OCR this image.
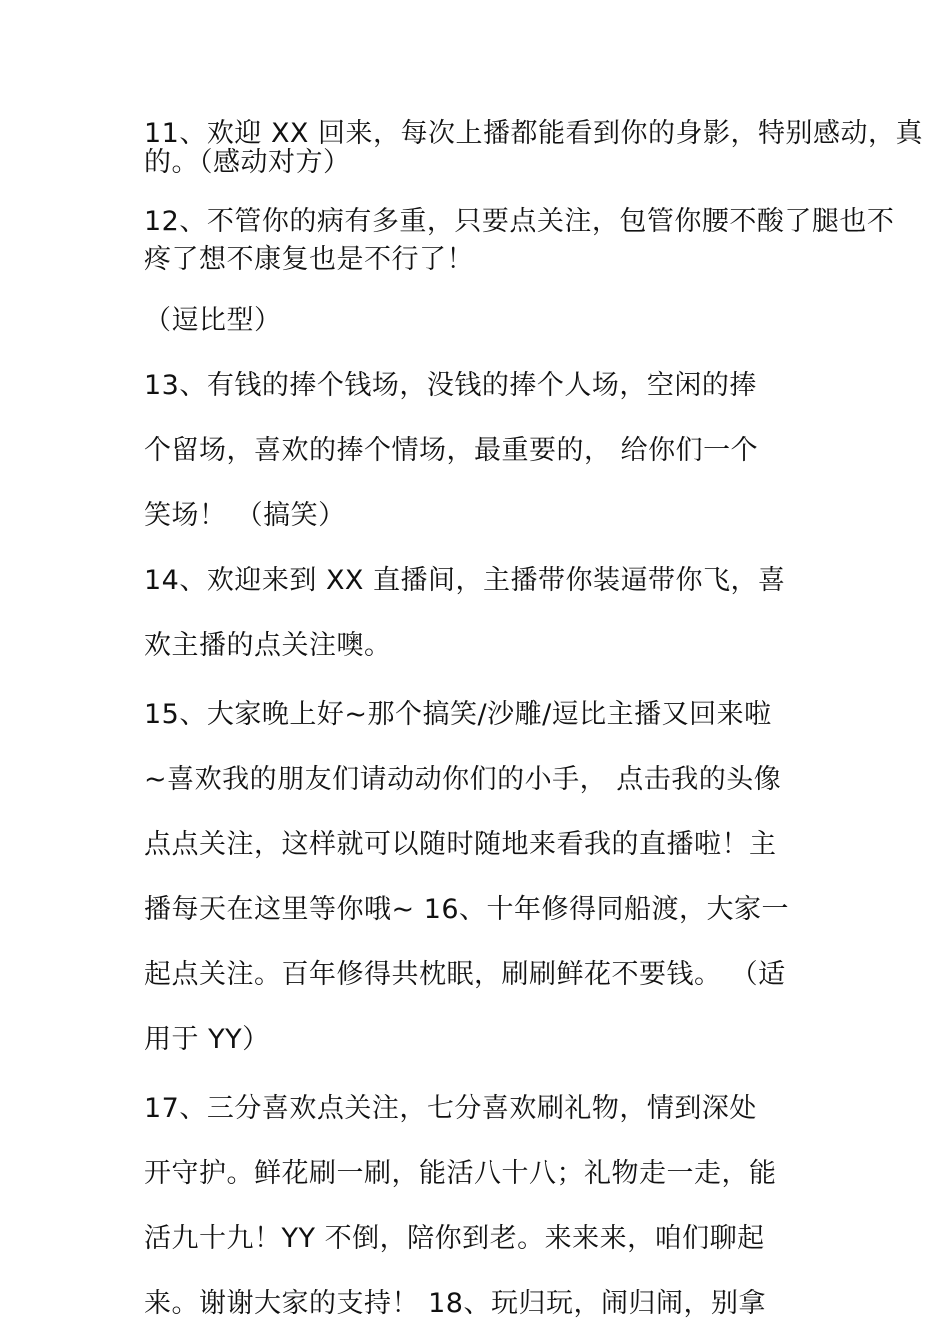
11、欢迎 XX 回来，每次上播都能看到你的身影，特别感动，真
的。（感动对方）
12、不管你的病有多重，只要点关注，包管你腰不酸了腿也不
疼了想不康复也是不行了！
（逗比型）
13、有钱的捧个钱场，没钱的捧个人场，空闲的捧
个留场，喜欢的捧个情场，最重要的， 给你们一个
笑场！ （搞笑）
14、欢迎来到 XX 直播间，主播带你装逼带你飞，喜
欢主播的点关注噢。
15、大家晚上好~那个搞笑/沙雕/逗比主播又回来啦
~喜欢我的朋友们请动动你们的小手， 点击我的头像
点点关注，这样就可以随时随地来看我的直播啦！主
播每天在这里等你哦~ 16、十年修得同船渡，大家一
起点关注。百年修得共枕眠，刷刷鲜花不要钱。 （适
用于 YY）
17、三分喜欢点关注，七分喜欢刷礼物，情到深处
开守护。鲜花刷一刷，能活八十八；礼物走一走，能
活九十九！YY 不倒，陪你到老。来来来，咱们聊起
来。谢谢大家的支持！ 18、玩归玩，闹归闹，别拿
